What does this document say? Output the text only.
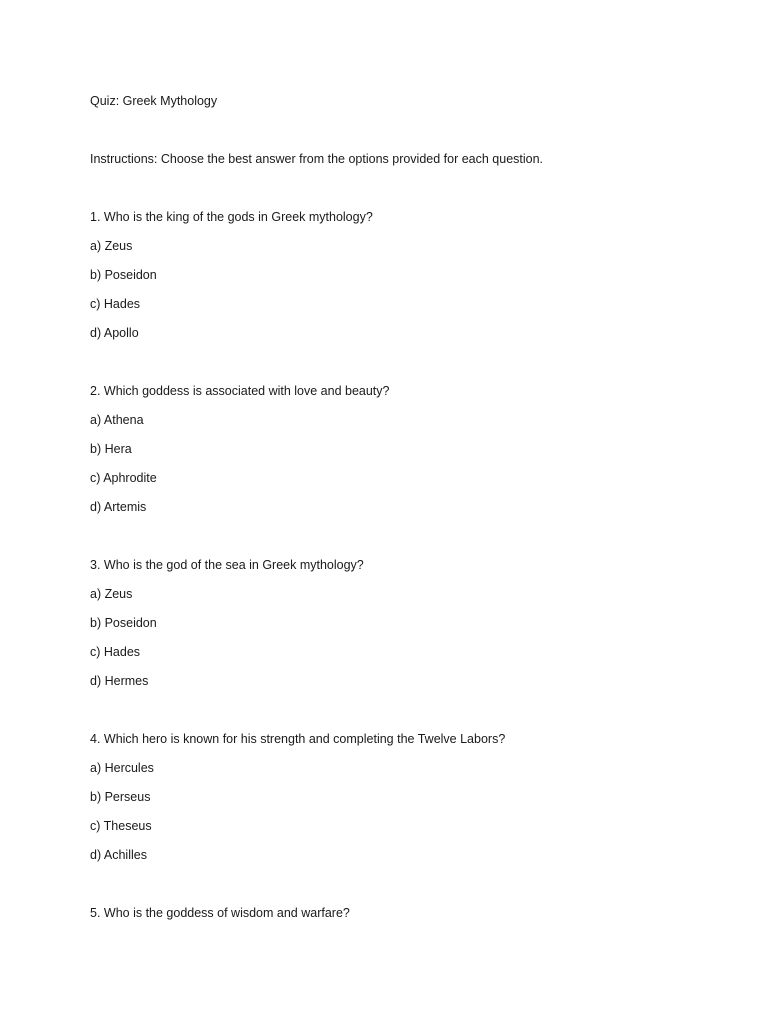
Quiz: Greek Mythology

Instructions: Choose the best answer from the options provided for each question.

1. Who is the king of the gods in Greek mythology?

a) Zeus

b) Poseidon

c) Hades

d) Apollo

2. Which goddess is associated with love and beauty?

a) Athena

b) Hera

c) Aphrodite

d) Artemis

3. Who is the god of the sea in Greek mythology?

a) Zeus

b) Poseidon

c) Hades

d) Hermes

4. Which hero is known for his strength and completing the Twelve Labors?

a) Hercules

b) Perseus

c) Theseus

d) Achilles

5. Who is the goddess of wisdom and warfare?
